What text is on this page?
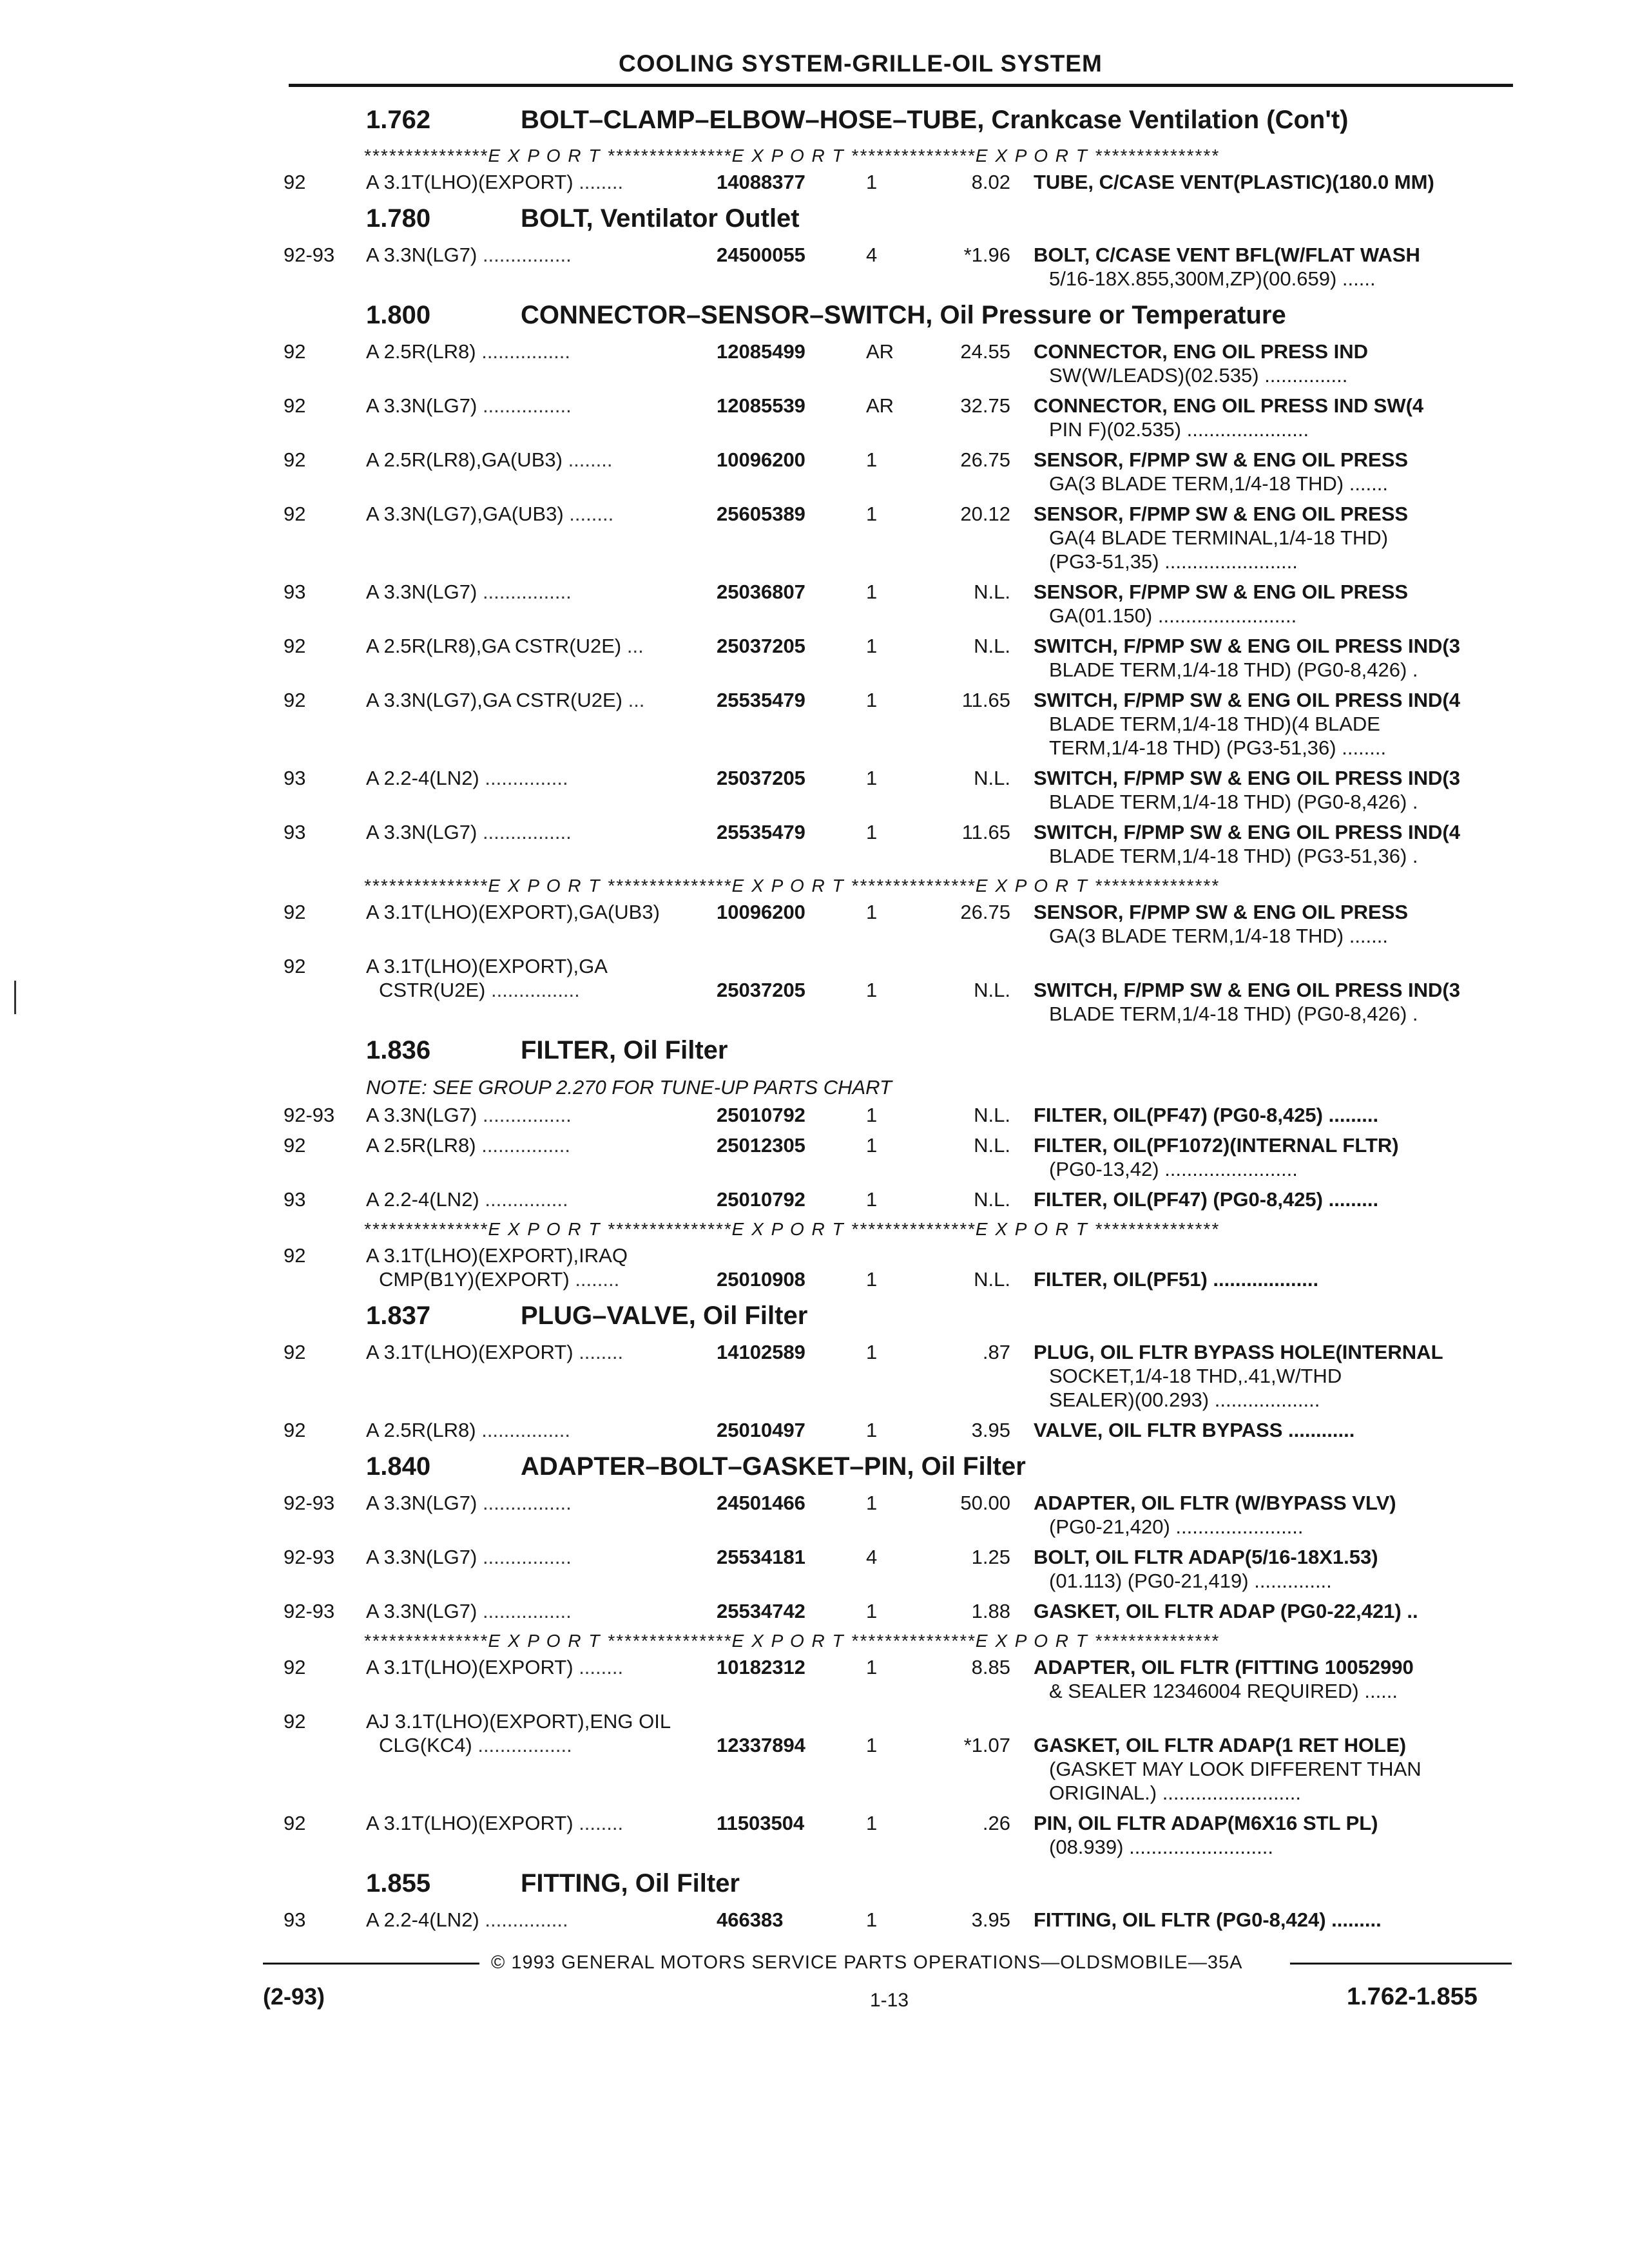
COOLING SYSTEM-GRILLE-OIL SYSTEM
1.762	BOLT–CLAMP–ELBOW–HOSE–TUBE, Crankcase Ventilation (Con't)
***************E X P O R T ***************E X P O R T ***************E X P O R T ***************
92	A 3.1T(LHO)(EXPORT) ........	14088377	1	8.02 TUBE, C/CASE VENT(PLASTIC)(180.0 MM)
1.780	BOLT, Ventilator Outlet
92-93 A 3.3N(LG7) ................	24500055	4	*1.96 BOLT, C/CASE VENT BFL(W/FLAT WASH
5/16-18X.855,300M,ZP)(00.659) ......
1.800	CONNECTOR–SENSOR–SWITCH, Oil Pressure or Temperature
92	A 2.5R(LR8) ................	12085499	AR	24.55 CONNECTOR, ENG OIL PRESS IND
SW(W/LEADS)(02.535) ...............
92	A 3.3N(LG7) ................	12085539	AR	32.75 CONNECTOR, ENG OIL PRESS IND SW(4
PIN F)(02.535) ......................
92	A 2.5R(LR8),GA(UB3) ........	10096200	1	26.75 SENSOR, F/PMP SW & ENG OIL PRESS
GA(3 BLADE TERM,1/4-18 THD) .......
92	A 3.3N(LG7),GA(UB3) ........	25605389	1	20.12 SENSOR, F/PMP SW & ENG OIL PRESS
GA(4 BLADE TERMINAL,1/4-18 THD)
(PG3-51,35) ........................
93	A 3.3N(LG7) ................	25036807	1	N.L. SENSOR, F/PMP SW & ENG OIL PRESS
GA(01.150) .........................
92	A 2.5R(LR8),GA CSTR(U2E) ...	25037205	1	N.L. SWITCH, F/PMP SW & ENG OIL PRESS IND(3
BLADE TERM,1/4-18 THD) (PG0-8,426) .
92	A 3.3N(LG7),GA CSTR(U2E) ...	25535479	1	11.65 SWITCH, F/PMP SW & ENG OIL PRESS IND(4
BLADE TERM,1/4-18 THD)(4 BLADE
TERM,1/4-18 THD) (PG3-51,36) ........
93	A 2.2-4(LN2) ...............	25037205	1	N.L. SWITCH, F/PMP SW & ENG OIL PRESS IND(3
BLADE TERM,1/4-18 THD) (PG0-8,426) .
93	A 3.3N(LG7) ................	25535479	1	11.65 SWITCH, F/PMP SW & ENG OIL PRESS IND(4
BLADE TERM,1/4-18 THD) (PG3-51,36) .
***************E X P O R T ***************E X P O R T ***************E X P O R T ***************
92	A 3.1T(LHO)(EXPORT),GA(UB3)	10096200	1	26.75 SENSOR, F/PMP SW & ENG OIL PRESS
GA(3 BLADE TERM,1/4-18 THD) .......
92	A 3.1T(LHO)(EXPORT),GA
CSTR(U2E) ................	25037205	1	N.L. SWITCH, F/PMP SW & ENG OIL PRESS IND(3
BLADE TERM,1/4-18 THD) (PG0-8,426) .
1.836	FILTER, Oil Filter
NOTE: SEE GROUP 2.270 FOR TUNE-UP PARTS CHART
92-93 A 3.3N(LG7) ................	25010792	1	N.L. FILTER, OIL(PF47) (PG0-8,425) .........
92	A 2.5R(LR8) ................	25012305	1	N.L. FILTER, OIL(PF1072)(INTERNAL FLTR)
(PG0-13,42) ........................
93	A 2.2-4(LN2) ...............	25010792	1	N.L. FILTER, OIL(PF47) (PG0-8,425) .........
***************E X P O R T ***************E X P O R T ***************E X P O R T ***************
92	A 3.1T(LHO)(EXPORT),IRAQ
CMP(B1Y)(EXPORT) ........	25010908	1	N.L. FILTER, OIL(PF51) ...................
1.837	PLUG–VALVE, Oil Filter
92	A 3.1T(LHO)(EXPORT) ........	14102589	1	.87 PLUG, OIL FLTR BYPASS HOLE(INTERNAL
SOCKET,1/4-18 THD,.41,W/THD
SEALER)(00.293) ...................
92	A 2.5R(LR8) ................	25010497	1	3.95 VALVE, OIL FLTR BYPASS ............
1.840	ADAPTER–BOLT–GASKET–PIN, Oil Filter
92-93 A 3.3N(LG7) ................	24501466	1	50.00 ADAPTER, OIL FLTR (W/BYPASS VLV)
(PG0-21,420) .......................
92-93 A 3.3N(LG7) ................	25534181	4	1.25 BOLT, OIL FLTR ADAP(5/16-18X1.53)
(01.113) (PG0-21,419) ..............
92-93 A 3.3N(LG7) ................	25534742	1	1.88 GASKET, OIL FLTR ADAP (PG0-22,421) ..
***************E X P O R T ***************E X P O R T ***************E X P O R T ***************
92	A 3.1T(LHO)(EXPORT) ........	10182312	1	8.85 ADAPTER, OIL FLTR (FITTING 10052990
& SEALER 12346004 REQUIRED) ......
92	AJ 3.1T(LHO)(EXPORT),ENG OIL
CLG(KC4) .................	12337894	1	*1.07 GASKET, OIL FLTR ADAP(1 RET HOLE)
(GASKET MAY LOOK DIFFERENT THAN
ORIGINAL.) .........................
92	A 3.1T(LHO)(EXPORT) ........	11503504	1	.26 PIN, OIL FLTR ADAP(M6X16 STL PL)
(08.939) ..........................
1.855	FITTING, Oil Filter
93	A 2.2-4(LN2) ...............	466383	1	3.95 FITTING, OIL FLTR (PG0-8,424) .........
© 1993 GENERAL MOTORS SERVICE PARTS OPERATIONS—OLDSMOBILE—35A
(2-93)	1-13	1.762-1.855
